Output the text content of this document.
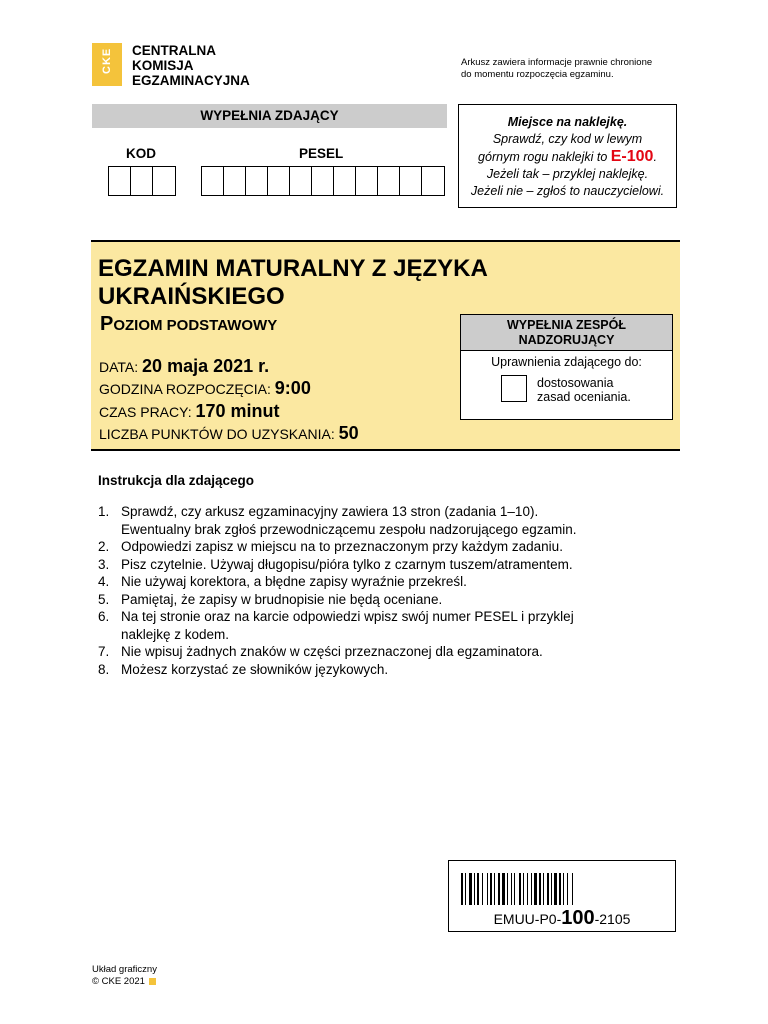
CKE CENTRALNA
KOMISJA
EGZAMINACYJNA
Arkusz zawiera informacje prawnie chronione
do momentu rozpoczęcia egzaminu.
WYPEŁNIA ZDAJĄCY
KOD	PESEL
Miejsce na naklejkę.
Sprawdź, czy kod w lewym
górnym rogu naklejki to E-100.
Jeżeli tak – przyklej naklejkę.
Jeżeli nie – zgłoś to nauczycielowi.
EGZAMIN MATURALNY Z JĘZYKA
UKRAIŃSKIEGO
POZIOM PODSTAWOWY
DATA: 20 maja 2021 r.
GODZINA ROZPOCZĘCIA: 9:00
CZAS PRACY: 170 minut
LICZBA PUNKTÓW DO UZYSKANIA: 50
WYPEŁNIA ZESPÓŁ
NADZORUJĄCY
Uprawnienia zdającego do:
dostosowania
zasad oceniania.
Instrukcja dla zdającego
1. Sprawdź, czy arkusz egzaminacyjny zawiera 13 stron (zadania 1–10).
Ewentualny brak zgłoś przewodniczącemu zespołu nadzorującego egzamin.
2. Odpowiedzi zapisz w miejscu na to przeznaczonym przy każdym zadaniu.
3. Pisz czytelnie. Używaj długopisu/pióra tylko z czarnym tuszem/atramentem.
4. Nie używaj korektora, a błędne zapisy wyraźnie przekreśl.
5. Pamiętaj, że zapisy w brudnopisie nie będą oceniane.
6. Na tej stronie oraz na karcie odpowiedzi wpisz swój numer PESEL i przyklej
naklejkę z kodem.
7. Nie wpisuj żadnych znaków w części przeznaczonej dla egzaminatora.
8. Możesz korzystać ze słowników językowych.
EMUU-P0-100-2105
Układ graficzny
© CKE 2021
